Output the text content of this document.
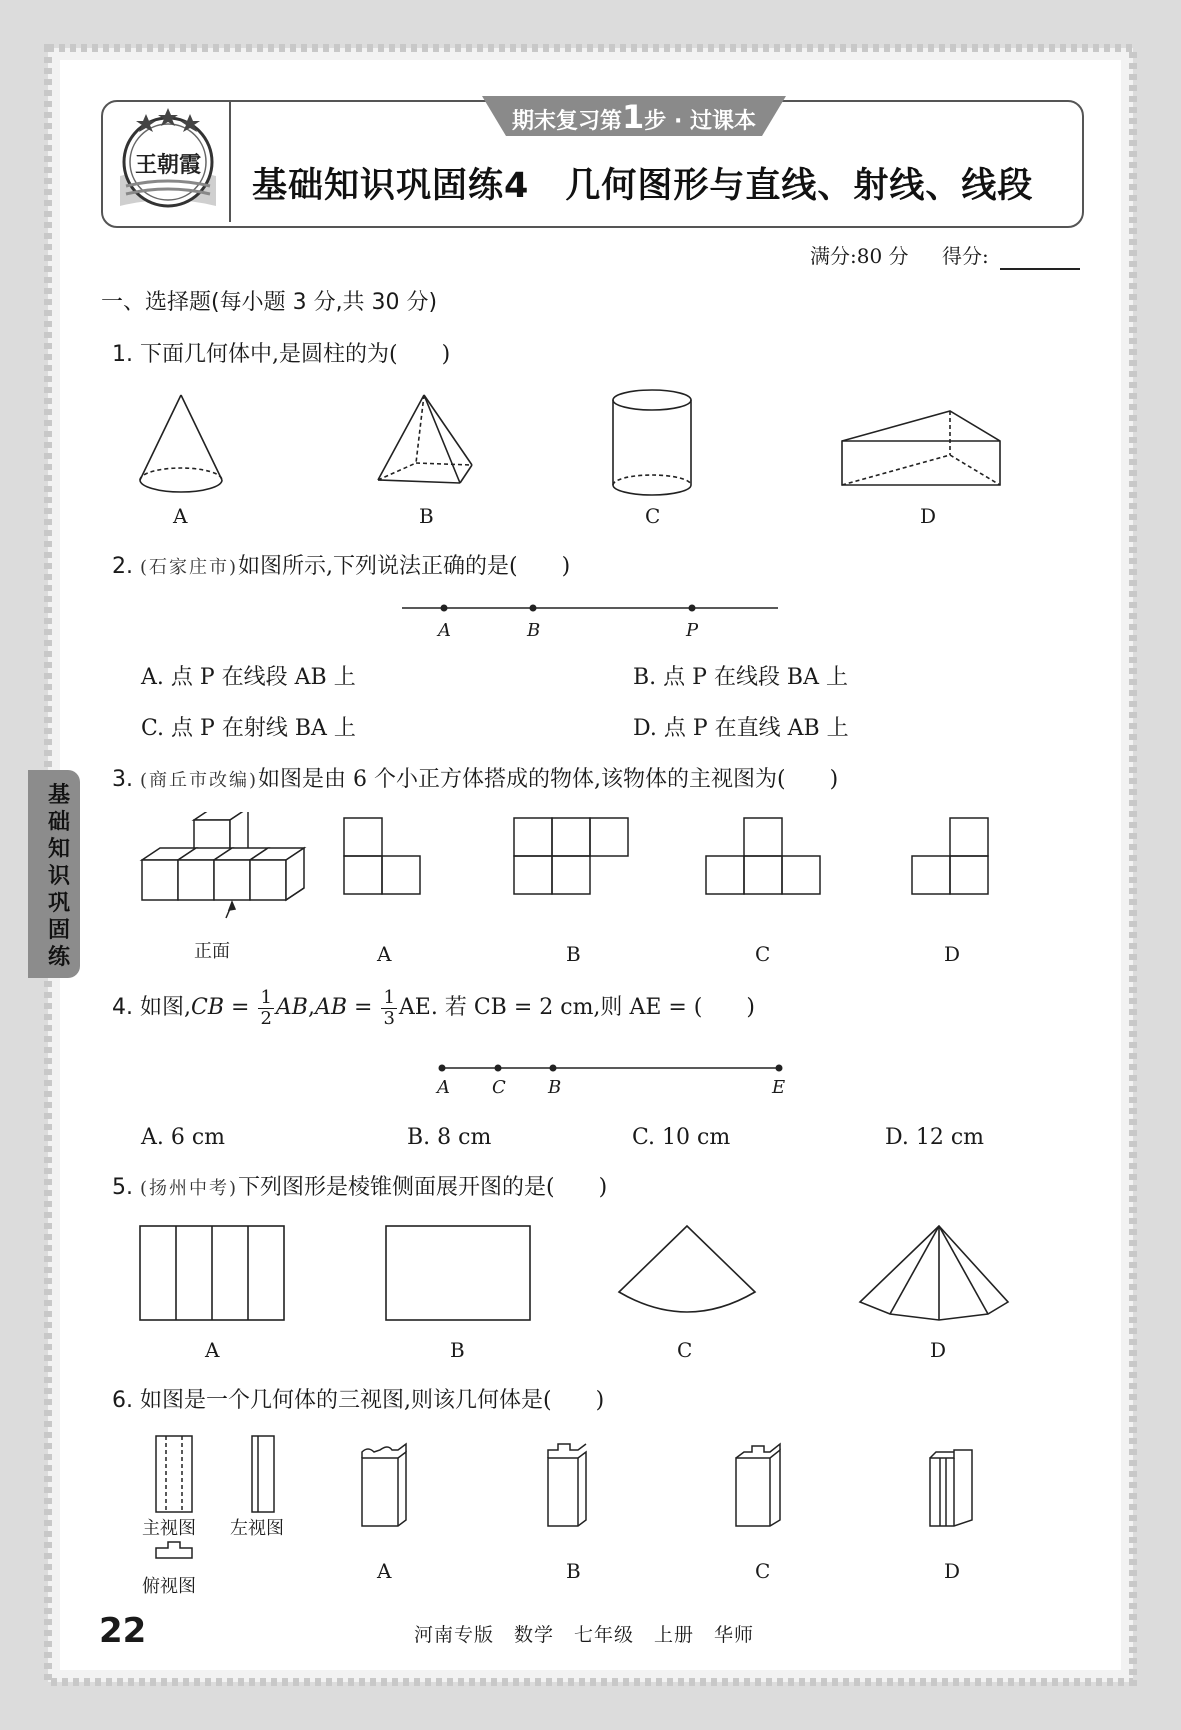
王朝霞
期末复习第1步 · 过课本
基础知识巩固练4　几何图形与直线、射线、线段
满分:80 分 得分:
基
础
知
识
巩
固
练
一、选择题(每小题 3 分,共 30 分)
1. 下面几何体中,是圆柱的为(　　)
A	B	C	D
2. (石家庄市)如图所示,下列说法正确的是(　　)
A	B	P
A. 点 P 在线段 AB 上	B. 点 P 在线段 BA 上
C. 点 P 在射线 BA 上	D. 点 P 在直线 AB 上
3. (商丘市改编)如图是由 6 个小正方体搭成的物体,该物体的主视图为(　　)
正面	A	B	C	D
4. 如图$,CB = \frac{1}{2} AB,AB = \frac{1}{3}$ AE. 若 CB = 2 cm,则 AE = (　　)
A C B	E
A. 6 cm	B. 8 cm	C. 10 cm	D. 12 cm
5. (扬州中考)下列图形是棱锥侧面展开图的是(　　)
A	B	C	D
6. 如图是一个几何体的三视图,则该几何体是(　　)
主视图 左视图
俯视图
A	B	C	D
22	河南专版　数学　七年级　上册　华师
